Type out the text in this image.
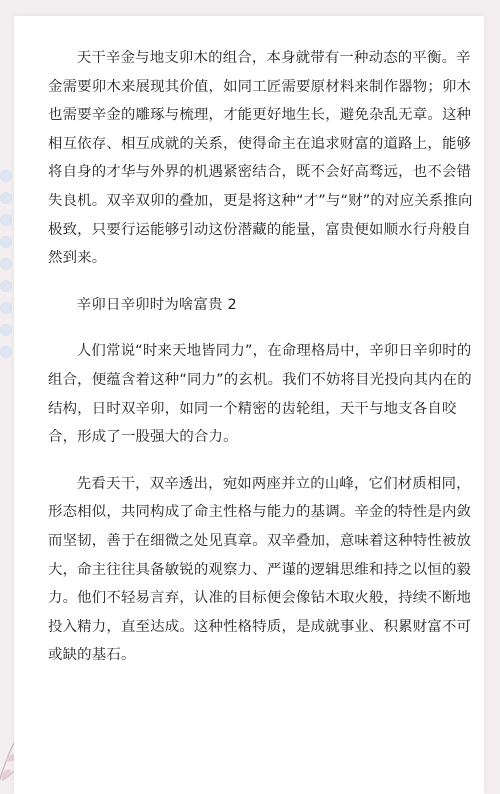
天干辛金与地支卯木的组合，本身就带有一种动态的平衡。辛金需要卯木来展现其价值，如同工匠需要原材料来制作器物；卯木也需要辛金的雕琢与梳理，才能更好地生长，避免杂乱无章。这种相互依存、相互成就的关系，使得命主在追求财富的道路上，能够将自身的才华与外界的机遇紧密结合，既不会好高骛远，也不会错失良机。双辛双卯的叠加，更是将这种“才”与“财”的对应关系推向极致，只要行运能够引动这份潜藏的能量，富贵便如顺水行舟般自然到来。

辛卯日辛卯时为啥富贵 2

人们常说“时来天地皆同力”，在命理格局中，辛卯日辛卯时的组合，便蕴含着这种“同力”的玄机。我们不妨将目光投向其内在的结构，日时双辛卯，如同一个精密的齿轮组，天干与地支各自咬合，形成了一股强大的合力。

先看天干，双辛透出，宛如两座并立的山峰，它们材质相同，形态相似，共同构成了命主性格与能力的基调。辛金的特性是内敛而坚韧，善于在细微之处见真章。双辛叠加，意味着这种特性被放大，命主往往具备敏锐的观察力、严谨的逻辑思维和持之以恒的毅力。他们不轻易言弃，认准的目标便会像钻木取火般，持续不断地投入精力，直至达成。这种性格特质，是成就事业、积累财富不可或缺的基石。
